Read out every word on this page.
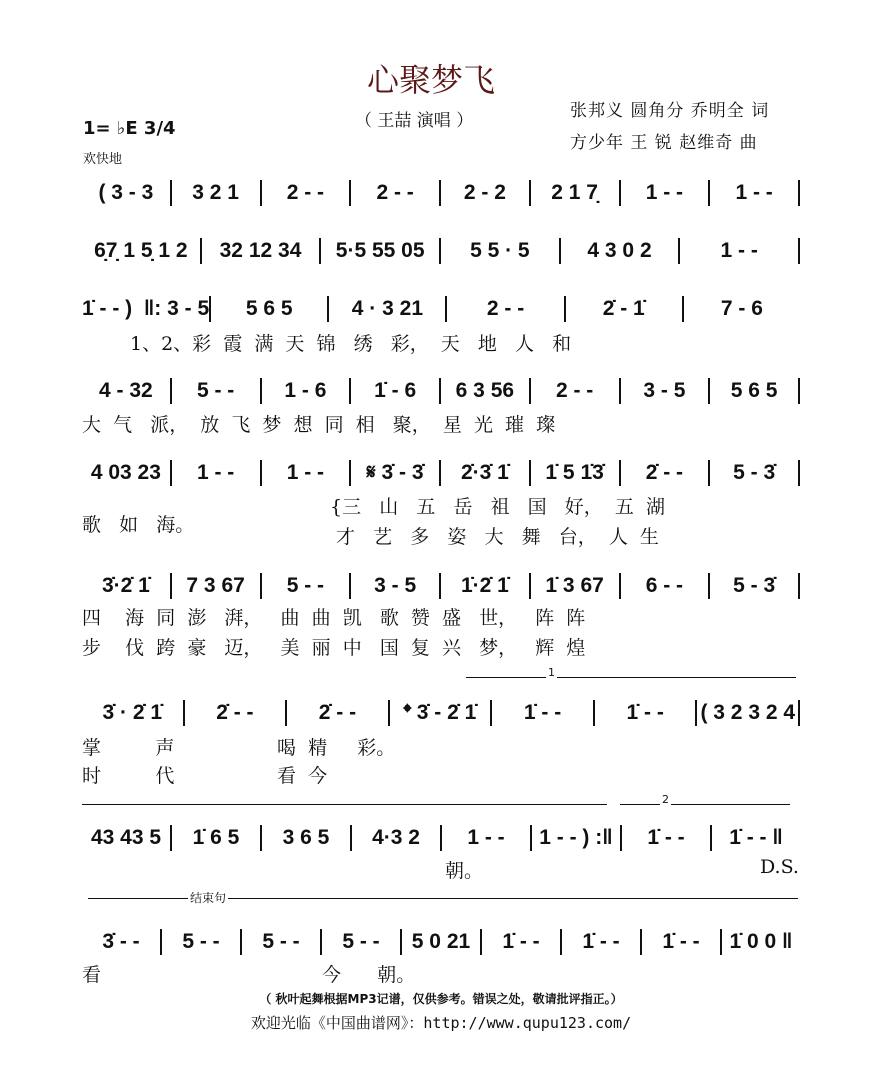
心聚梦飞
（ 王喆 演唱 ）	张邦义 圆角分 乔明全 词
方少年 王 锐 赵维奇 曲
1= ♭E 3/4
欢快地
( 3 - 3	3 2 1	2 - -	2 - -	2 - 2	2 1 7̣	1 - -	1 - -
6̣7̣ 1 5̣ 1 2	32 12 34	5·5 55 05	5 5 · 5	4 3 0 2	1 - -
1̇ - - )  ‖: 3 - 5	5 6 5	4 · 3 21	2 - -	2̇ - 1̇	7 - 6
4 - 32	5 - -	1 - 6	1̇ - 6	6 3 56	2 - -	3 - 5	5 6 5
4 03 23	1 - -	1 - -	𝄋 3̇ - 3̇	2̇·3̇ 1̇	1̇ 5 1̇3̇	2̇ - -	5 - 3̇
3̇·2̇ 1̇	7 3 67	5 - -	3 - 5	1̇·2̇ 1̇	1̇ 3 67	6 - -	5 - 3̇
3̇ · 2̇ 1̇	2̇ - -	2̇ - -	𝄌 3̇ - 2̇ 1̇	1̇ - -	1̇ - -	( 3 2 3 2 4
43 43 5	1̇ 6 5	3 6 5	4·3 2	1 - -	1 - - ) :‖	1̇ - -	1̇ - - ‖
3̇ - -	5 - -	5 - -	5 - -	5 0 21	1̇ - -	1̇ - -	1̇ - -	1̇ 0 0 ‖
1、2、彩  霞  满  天  锦   绣   彩，  天   地   人   和
大  气   派，  放  飞  梦  想  同  相   聚，  星  光  璀  璨
歌   如   海。
{三   山   五   岳   祖   国   好，  五  湖
才   艺   多   姿   大   舞   台，  人  生
四    海  同  澎   湃，   曲  曲  凯   歌  赞  盛   世，   阵  阵
步    伐  跨  豪   迈，   美  丽  中   国  复  兴   梦，   辉  煌
掌         声                 喝  精     彩。
时         代                 看  今
朝。	D.S.
看	今      朝。
1
2
结束句
（ 秋叶起舞根据MP3记谱，仅供参考。错误之处，敬请批评指正。）
欢迎光临《中国曲谱网》：http://www.qupu123.com/
